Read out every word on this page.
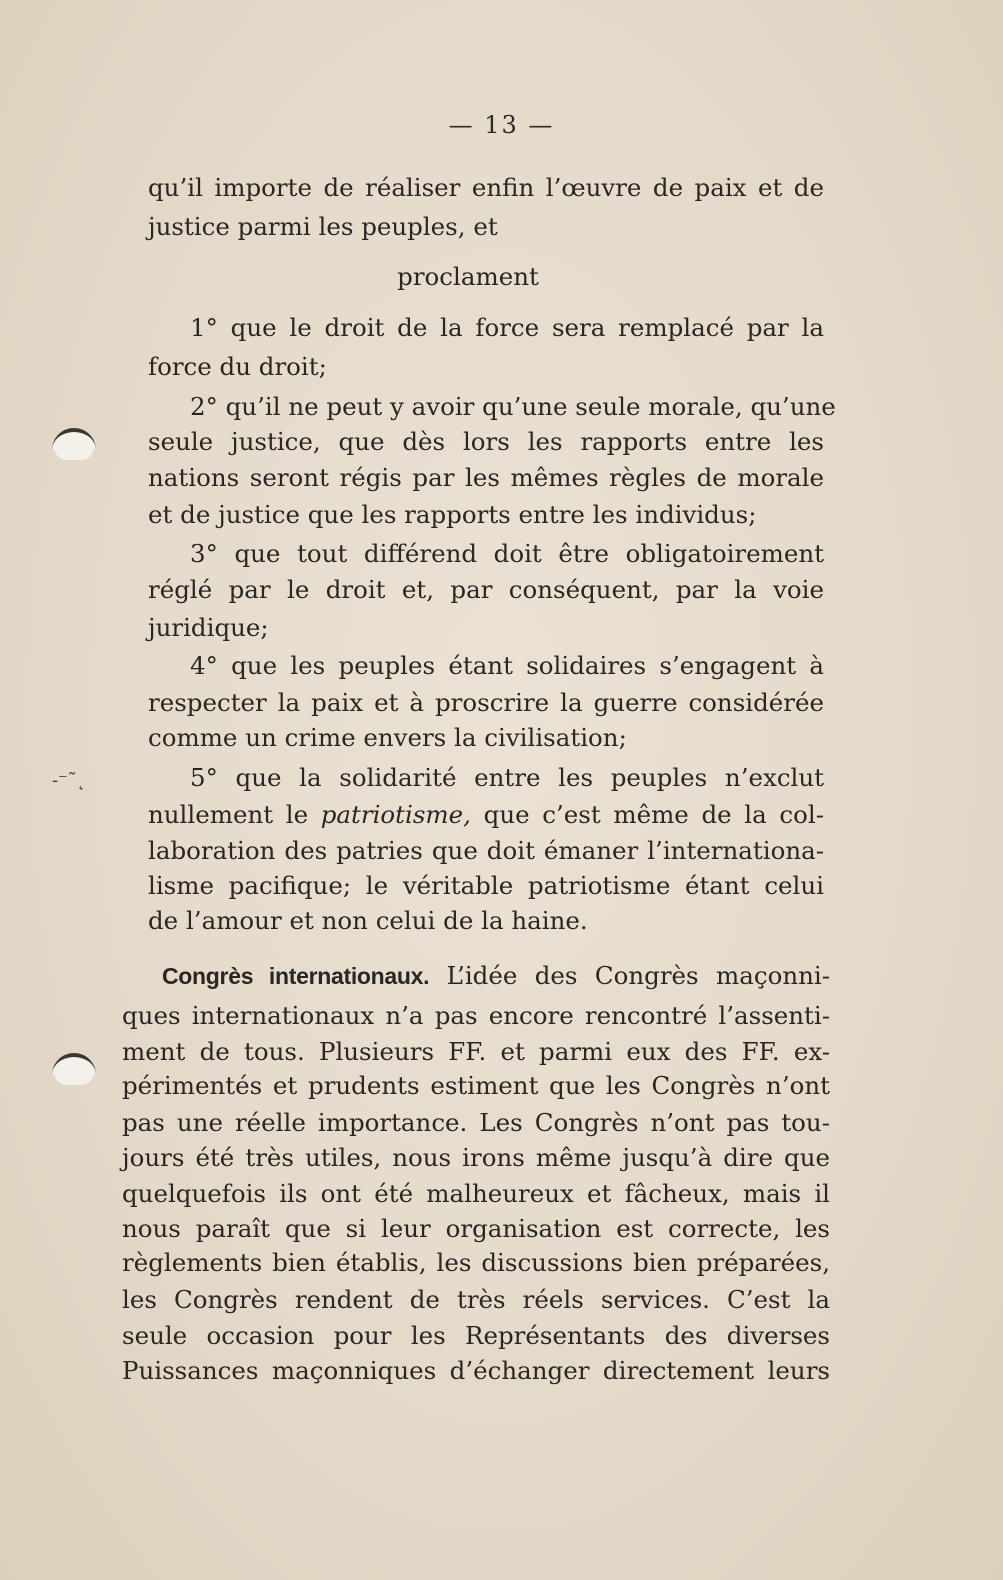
-⁻˜˛
— 13 —
qu’il importe de réaliser enfin l’œuvre de paix et de
justice parmi les peuples, et
proclament
1° que le droit de la force sera remplacé par la
force du droit;
2° qu’il ne peut y avoir qu’une seule morale, qu’une
seule justice, que dès lors les rapports entre les
nations seront régis par les mêmes règles de morale
et de justice que les rapports entre les individus;
3° que tout différend doit être obligatoirement
réglé par le droit et, par conséquent, par la voie
juridique;
4° que les peuples étant solidaires s’engagent à
respecter la paix et à proscrire la guerre considérée
comme un crime envers la civilisation;
5° que la solidarité entre les peuples n’exclut
nullement le patriotisme, que c’est même de la col-
laboration des patries que doit émaner l’internationa-
lisme pacifique; le véritable patriotisme étant celui
de l’amour et non celui de la haine.
Congrès internationaux. L’idée des Congrès maçonni-
ques internationaux n’a pas encore rencontré l’assenti-
ment de tous. Plusieurs FF. et parmi eux des FF. ex-
périmentés et prudents estiment que les Congrès n’ont
pas une réelle importance. Les Congrès n’ont pas tou-
jours été très utiles, nous irons même jusqu’à dire que
quelquefois ils ont été malheureux et fâcheux, mais il
nous paraît que si leur organisation est correcte, les
règlements bien établis, les discussions bien préparées,
les Congrès rendent de très réels services. C’est la
seule occasion pour les Représentants des diverses
Puissances maçonniques d’échanger directement leurs
